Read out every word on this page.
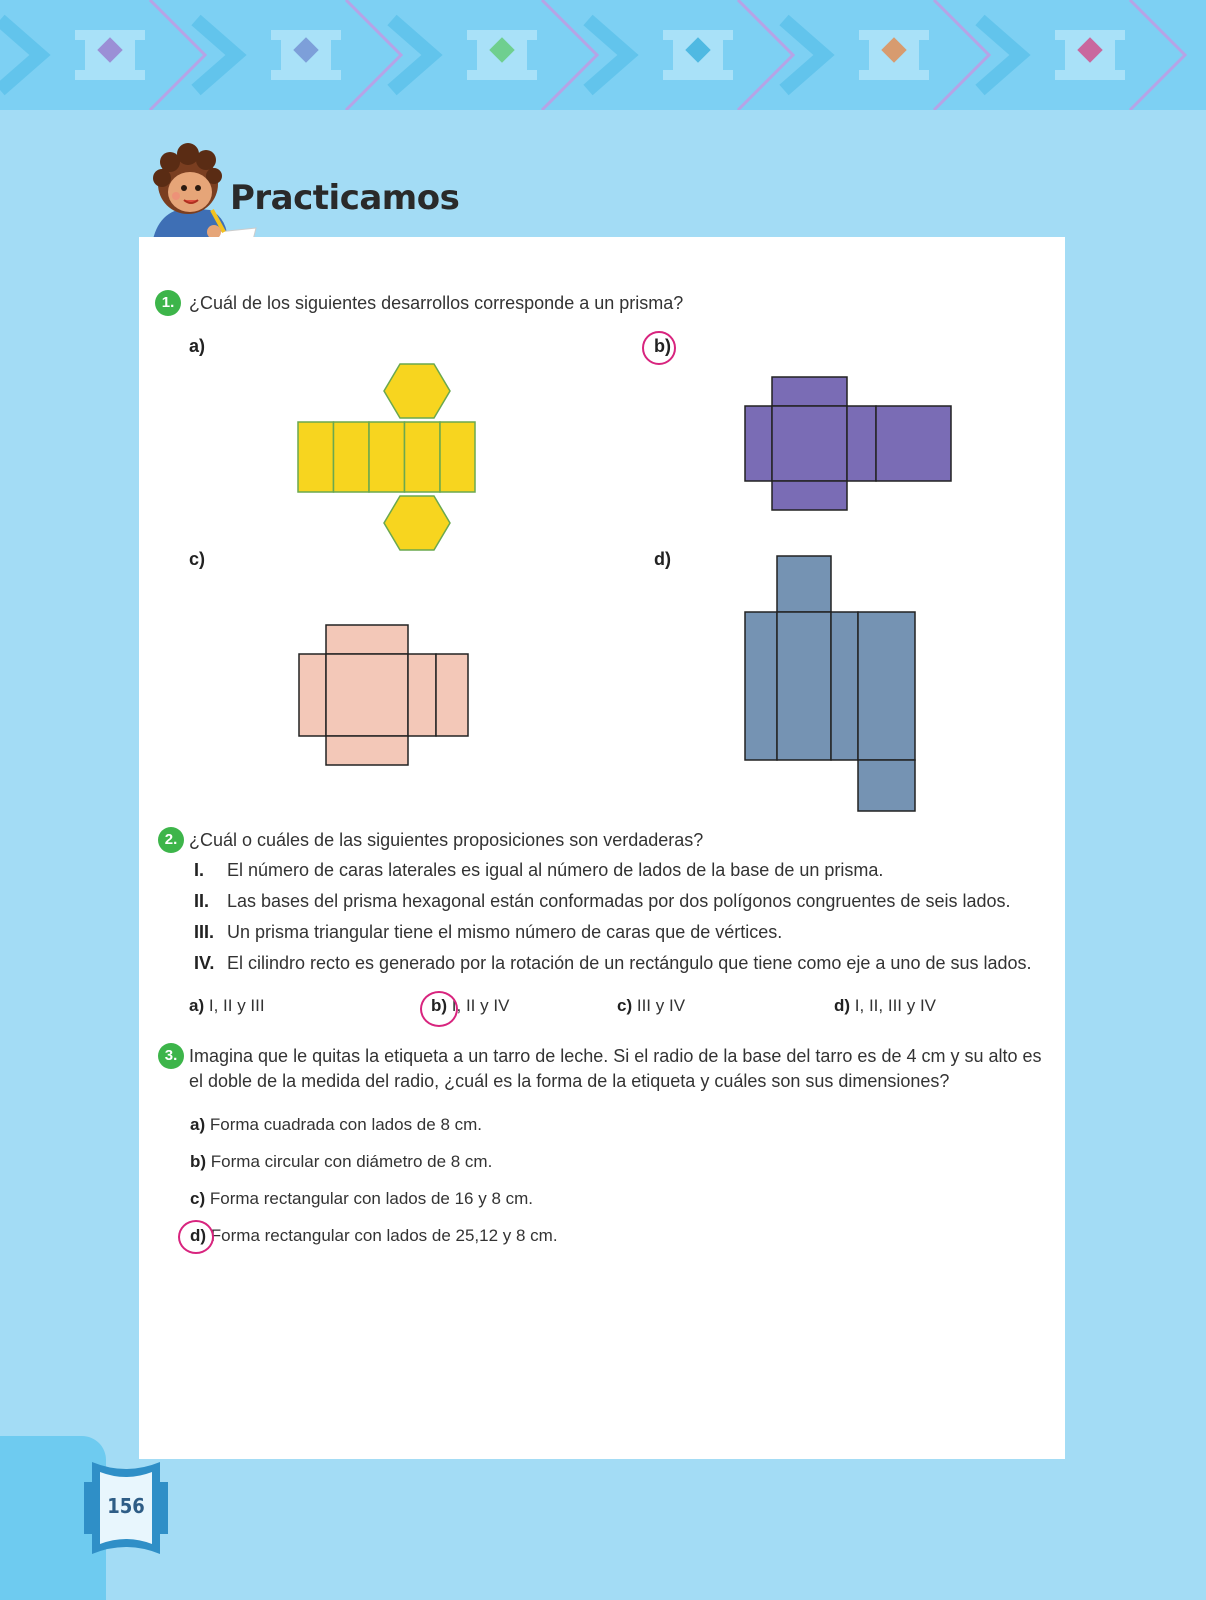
Practicamos
1. ¿Cuál de los siguientes desarrollos corresponde a un prisma?
a)	b)
c)	d)
2. ¿Cuál o cuáles de las siguientes proposiciones son verdaderas?
I. El número de caras laterales es igual al número de lados de la base de un prisma.
II. Las bases del prisma hexagonal están conformadas por dos polígonos congruentes de seis lados.
III. Un prisma triangular tiene el mismo número de caras que de vértices.
IV. El cilindro recto es generado por la rotación de un rectángulo que tiene como eje a uno de sus lados.
a) I, II y III	b) I, II y IV	c) III y IV	d) I, II, III y IV
3. Imagina que le quitas la etiqueta a un tarro de leche. Si el radio de la base del tarro es de 4 cm y su alto es
el doble de la medida del radio, ¿cuál es la forma de la etiqueta y cuáles son sus dimensiones?
a) Forma cuadrada con lados de 8 cm.
b) Forma circular con diámetro de 8 cm.
c) Forma rectangular con lados de 16 y 8 cm.
d) Forma rectangular con lados de 25,12 y 8 cm.
156
